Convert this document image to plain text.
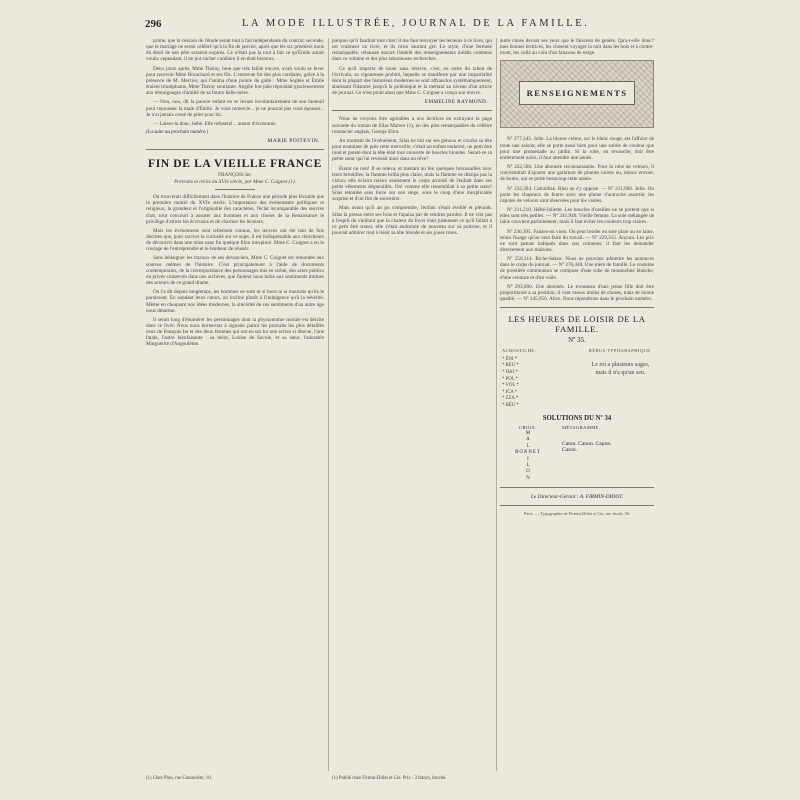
296	LA MODE ILLUSTRÉE, JOURNAL DE LA FAMILLE.

prime, que la cession de l'étude serait tout à fait indépendante du contrat; seconde, que le mariage ne serait célébré qu'à la fin de janvier, après que les six premiers mois du deuil de son père seraient expirés. Ce n'était pas la tout à fait ce qu'Émile aurait voulu; cependant, il ne put cacher combien il en était heureux.

Deux jours après, Mme Théray, bien que très faible encore, avait voulu se lever pour recevoir Mme Brouchard et ses fils. L'entrevue fut des plus cordiales, grâce à la présence de M. Mercier, qui l'anima d'une pointe de gaîté : Mme Sophie et Émile étaient triomphants, Mme Théray souriante. Angèle fort pâle répondait gracieusement aux témoignages d'amitié de sa future belle-mère.

— Non, non, dit la pauvre enfant en se levant involontairement de son fauteuil pour repousser la main d'Émile. Je vous remercie... je ne pourrai pas vous épouser... Je n'ai jamais cessé de prier pour lui.

— Laisse-la donc, bébé. Elle refusera!... autant d'économie.

(La suite au prochain numéro.)

MARIE POITEVIN.

FIN DE LA VIEILLE FRANCE
FRANÇOIS Ier.
Portraits et récits du XVIe siècle, par Mme C. Coignet (1).

On trouverait difficilement dans l'histoire de France une période plus féconde que la première moitié du XVIe siècle. L'importance des événements politiques et religieux, la grandeur et l'originalité des caractères, l'éclat incomparable des œuvres d'art, tout concourt à assurer aux hommes et aux choses de la Renaissance le privilège d'attirer les écrivains et de charmer les lecteurs.

Mais les événements sont tellement connus, les œuvres ont été tant de fois décrites que, pour raviver la curiosité sur ce sujet, il est indispensable aux chercheurs de découvrir dans une mine sans fin quelque filon inexploré. Mme C. Coignet a eu le courage de l'entreprendre et le bonheur de réussir.

Sans dédaigner les travaux de ses devanciers, Mme C. Coignet est remontée aux sources mêmes de l'histoire. C'est principalement à l'aide de documents contemporains, de la correspondance des personnages mis en scène, des actes publics ou privés conservés dans nos archives, que l'auteur nous initie aux sentiments intimes des acteurs de ce grand drame.

On l'a dit depuis longtemps, les hommes ne sont ni si bons ni si mauvais qu'ils le paraissent. En sondant leurs cœurs, on incline plutôt à l'indulgence qu'à la sévérité. Même en choquant nos idées modernes, la sincérité de ces sentiments d'un autre âge nous désarme.

Il serait long d'énumérer les personnages dont la physionomie morale est décrite dans ce livre. Nous nous bornerons à signaler parmi les portraits les plus détaillés ceux de François Ier et des deux femmes qui ont eu sur lui une action si directe, l'une fatale, l'autre bienfaisante : sa mère, Louise de Savoie, et sa sœur, l'adorable Marguerite d'Angoulême.

parquoi qu'il faudrait tout citer; il me faut renvoyer les lecteurs à ce livre, qui est vraiment un livre, et ils m'en sauront gré. Le style, d'une fermeté remarquable, rehausse encore l'intérêt des renseignements inédits contenus dans ce volume et des plus laborieuses recherches.

Ce qu'il importe de louer sans réserve, c'est, en outre du talent de l'écrivain, sa vigoureuse probité, laquelle se manifeste par une impartialité dont la plupart des historiens modernes se sont affranchis systématiquement, abaissant l'histoire jusqu'à la polémique et la mettant au niveau d'un article de journal. Ce n'est point ainsi que Mme C. Coignet a conçu son œuvre.

EMMELINE RAYMOND.

Nous ne croyons être agréables à nos lectrices en extrayant la page suivante du roman de Silas Marner (1), un des plus remarquables du célèbre romancier anglais, George Eliot.

Au moment de l'événement, Silas ne mit sur ses genoux et courba sa tête pour examiner de près cette merveille; c'était un enfant endormi, un petit être rond et poteté dont la tête était tout couverte de boucles blondes. Serait-ce sa petite sœur qui lui revenait ainsi dans un rêve?

Éteint ou non! Il se releva, et mettant au feu quelques broussailles avec leurs brindilles, la flamme brilla plus claire, mais la flamme ne dissipa pas la vision; elle éclaira mieux seulement le corps arrondi de l'enfant dans ses petits vêtements dégueuillés. On! comme elle ressemblait à sa petite sœur! Silas retombe sans force sur son siège, sous le coup d'une inexplicable surprise et d'un flot de souvenirs.

Mais avant qu'il ait pu comprendre, l'enfant s'était éveillé et pleurait. Silas la pressa entre ses bras et l'apaisa par de tendres paroles. Il ne vint pas à l'esprit du vieillard que la chaleur du foyer était justement ce qu'il fallait à ce petit être transi; elle s'était endormie de nouveau sur sa poitrine, et il pouvait admirer tout à loisir sa tête blonde et ses joues roses.

autre chose devant ses yeux que le faisceau de genêts. Qu'a-t-elle donc? mes bonnes lectrices, les chosent voyager la nuit dans les bois et à contre-mont, les voilà au coin d'un faisceau de neige.

RENSEIGNEMENTS

Nº 277,343. Jolie. La blouse crème, sur le blanc rouge, est l'affaire de toute une saison; elle se porte aussi bien pour une soirée de couleur que pour une promenade au jardin. Si la robe, en revanche, doit être entièrement noire, il faut attendre une année.

Nº 222,580. Une abonnée reconnaissante. Pour la robe de velours, il conviendrait d'ajouter une garniture de plumes noires ou, mieux encore, de loutre, qui se porte beaucoup cette année.

Nº 232,394. Calomlise. Rien ne s'y oppose. — Nº 211,980. Jolie. On porte les chapeaux de feutre avec une plume d'autruche assortie; les capotes de velours sont réservées pour les visites.

Nº 211,210. Hébé-Juliette. Les boucles d'oreilles ne se portent que si elles sont très petites. — Nº 241,940. Vieille femme. La soie mélangée de laine convient parfaitement, mais il faut éviter les couleurs trop claires.

Nº 236,395. Faisies-on vient. On peut broder en soie plate ou en laine, selon l'usage qu'on veut faire du travail. — Nº 229,315. Anyota. Les prix ne sont jamais indiqués dans nos colonnes; il faut les demander directement aux maisons.

Nº 250,314. Riche-Sakos. Nous ne pouvons admettre les annonces dans le corps du journal. — Nº 276,440. Une mère de famille. Le costume de première communion se compose d'une robe de mousseline blanche, d'une ceinture et d'un voile.

Nº 293,000. Une abonnée. Le trousseau d'une jeune fille doit être proportionné à sa position; il vaut mieux moins de choses, mais de bonne qualité. — Nº 245,950. Alice. Nous répondrons dans le prochain numéro.

LES HEURES DE LOISIR DE LA FAMILLE.
Nº 35.
ACROSTICHE.
* ÉNI *
* REU *
* HAI *
* POL *
* VOL *
* ICA *
* ZZA *
* BÈU *
RÉBUS TYPOGRAPHIQUE.
Le roi a plusieurs sages,
mais il n'a qu'un seu.
SOLUTIONS DU Nº 34
CROIX.
M
A
L
BONNET
I
L
O
N
MÉTAGRAMME.
Caton. Canon. Capon.
Caron.
Le Directeur-Gérant : A. FIRMIN-DIDOT.
Paris. — Typographie de Firmin-Didot et Cie, rue Jacob, 56.
(1) Chez Plon, rue Garancière, 10.	(1) Publié chez Firmin-Didot et Cie. Prix : 3 francs, broché.
